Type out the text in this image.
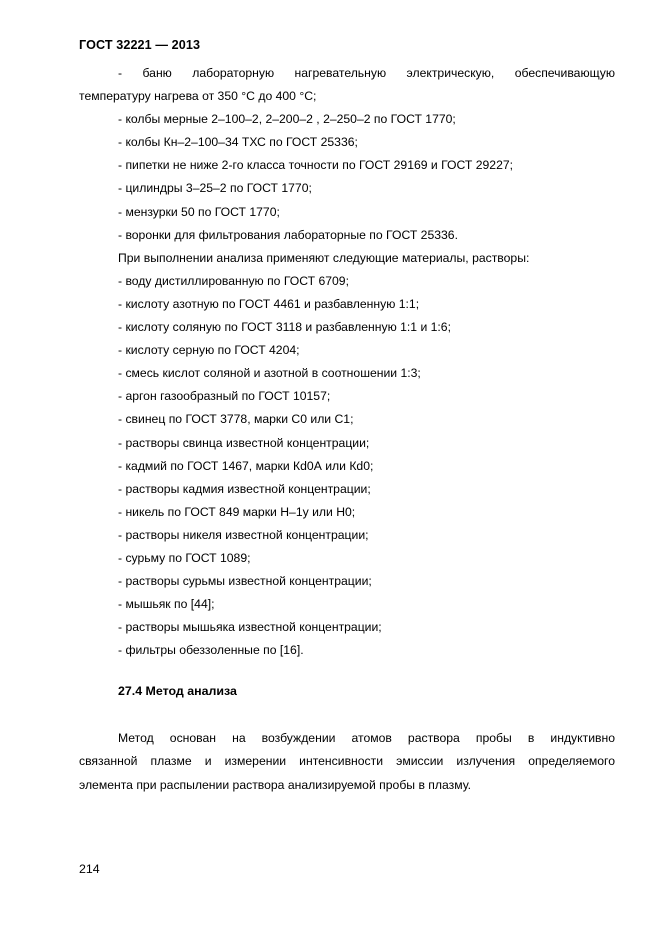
ГОСТ 32221 — 2013
- баню лабораторную нагревательную электрическую, обеспечивающую
температуру нагрева от 350 °С до 400 °С;
- колбы мерные 2–100–2, 2–200–2 , 2–250–2 по ГОСТ 1770;
- колбы Кн–2–100–34 ТХС по ГОСТ 25336;
- пипетки не ниже 2-го класса точности по ГОСТ 29169 и ГОСТ 29227;
- цилиндры 3–25–2 по ГОСТ 1770;
- мензурки 50 по ГОСТ 1770;
- воронки для фильтрования лабораторные по ГОСТ 25336.
При выполнении анализа применяют следующие материалы, растворы:
- воду дистиллированную по ГОСТ 6709;
- кислоту азотную по ГОСТ 4461 и разбавленную 1:1;
- кислоту соляную по ГОСТ 3118 и разбавленную 1:1 и 1:6;
- кислоту серную по ГОСТ 4204;
- смесь кислот соляной и азотной в соотношении 1:3;
- аргон газообразный по ГОСТ 10157;
- свинец по ГОСТ 3778, марки С0 или С1;
- растворы свинца известной концентрации;
- кадмий по ГОСТ 1467, марки Кd0А или Кd0;
- растворы кадмия известной концентрации;
- никель по ГОСТ 849 марки Н–1у или Н0;
- растворы никеля известной концентрации;
- сурьму по ГОСТ 1089;
- растворы сурьмы известной концентрации;
- мышьяк по [44];
- растворы мышьяка известной концентрации;
- фильтры обеззоленные по [16].
27.4 Метод анализа
Метод основан на возбуждении атомов раствора пробы в индуктивно
связанной плазме и измерении интенсивности эмиссии излучения определяемого
элемента при распылении раствора анализируемой пробы в плазму.
214
